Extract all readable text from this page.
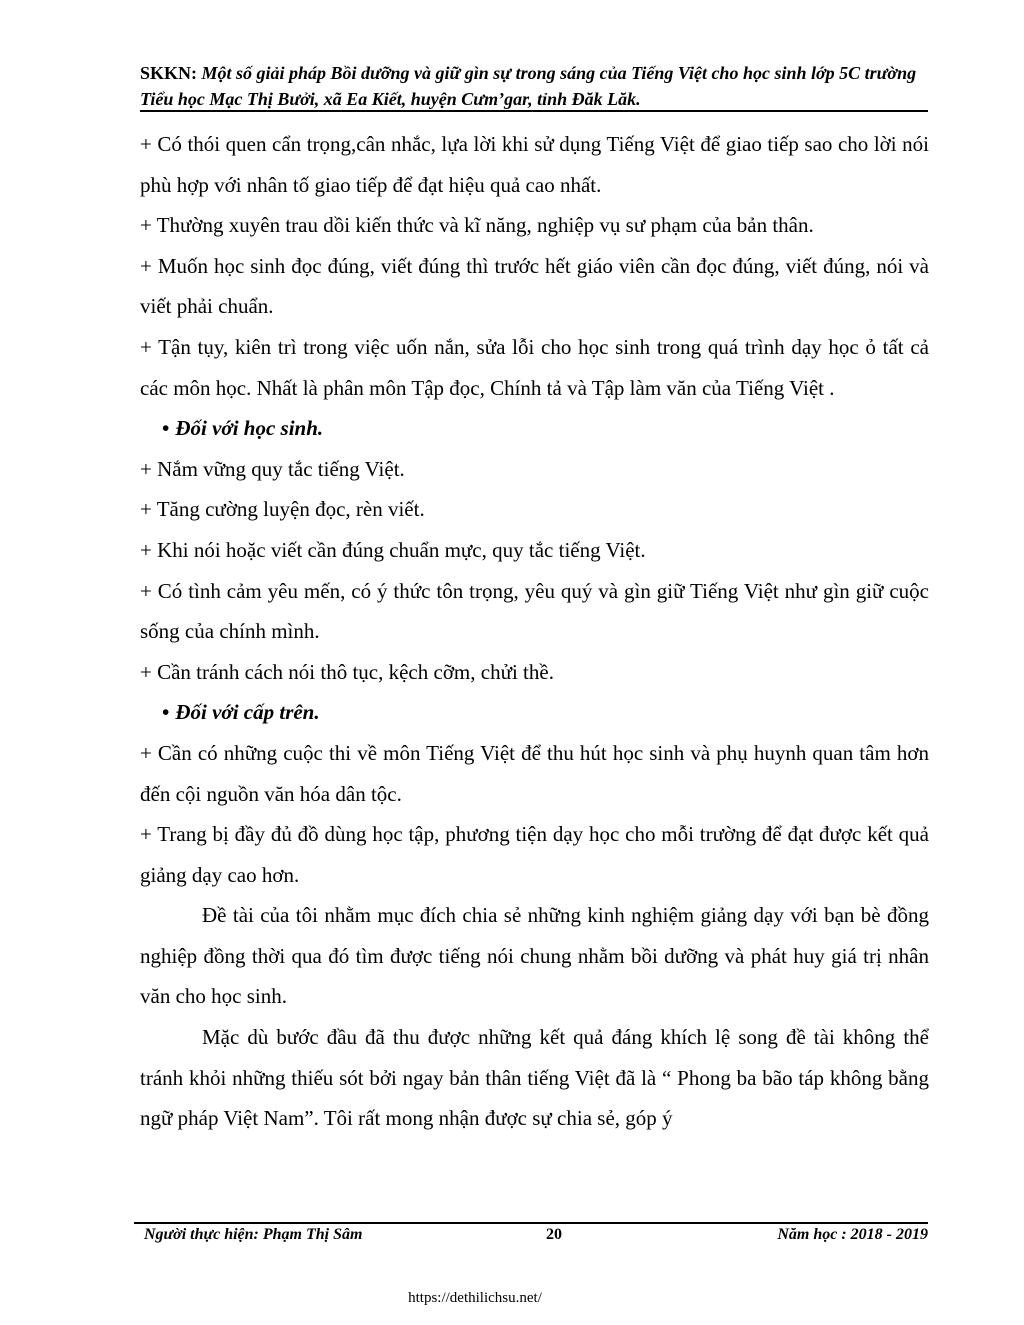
SKKN: Một số giải pháp Bồi dưỡng và giữ gìn sự trong sáng của Tiếng Việt cho học sinh lớp 5C trường Tiểu học Mạc Thị Bưởi, xã Ea Kiết, huyện Cưm’gar, tỉnh Đăk Lăk.

+ Có thói quen cẩn trọng,cân nhắc, lựa lời khi sử dụng Tiếng Việt để giao tiếp sao cho lời nói phù hợp với nhân tố giao tiếp để đạt hiệu quả cao nhất.

+ Thường xuyên trau dồi kiến thức và kĩ năng, nghiệp vụ sư phạm của bản thân.

+ Muốn học sinh đọc đúng, viết đúng thì trước hết giáo viên cần đọc đúng, viết đúng, nói và viết phải chuẩn.

+ Tận tụy, kiên trì trong việc uốn nắn, sửa lỗi cho học sinh trong quá trình dạy học ỏ tất cả các môn học. Nhất là phân môn Tập đọc, Chính tả và Tập làm văn của Tiếng Việt .

• Đối với học sinh.

+ Nắm vững quy tắc tiếng Việt.

+ Tăng cường luyện đọc, rèn viết.

+ Khi nói hoặc viết cần đúng chuẩn mực, quy tắc tiếng Việt.

+ Có tình cảm yêu mến, có ý thức tôn trọng, yêu quý và gìn giữ Tiếng Việt như gìn giữ cuộc sống của chính mình.

+ Cần tránh cách nói thô tục, kệch cỡm, chửi thề.

• Đối với cấp trên.

+ Cần có những cuộc thi về môn Tiếng Việt để thu hút học sinh và phụ huynh quan tâm hơn đến cội nguồn văn hóa dân tộc.

+ Trang bị đầy đủ đồ dùng học tập, phương tiện dạy học cho mỗi trường để đạt được kết quả giảng dạy cao hơn.

Đề tài của tôi nhằm mục đích chia sẻ những kinh nghiệm giảng dạy với bạn bè đồng nghiệp đồng thời qua đó tìm được tiếng nói chung nhằm bồi dưỡng và phát huy giá trị nhân văn cho học sinh.

Mặc dù bước đầu đã thu được những kết quả đáng khích lệ song đề tài không thể tránh khỏi những thiếu sót bởi ngay bản thân tiếng Việt đã là “ Phong ba bão táp không bằng ngữ pháp Việt Nam”. Tôi rất mong nhận được sự chia sẻ, góp ý

Người thực hiện: Phạm Thị Sâm	20	Năm học : 2018 - 2019
https://dethilichsu.net/
